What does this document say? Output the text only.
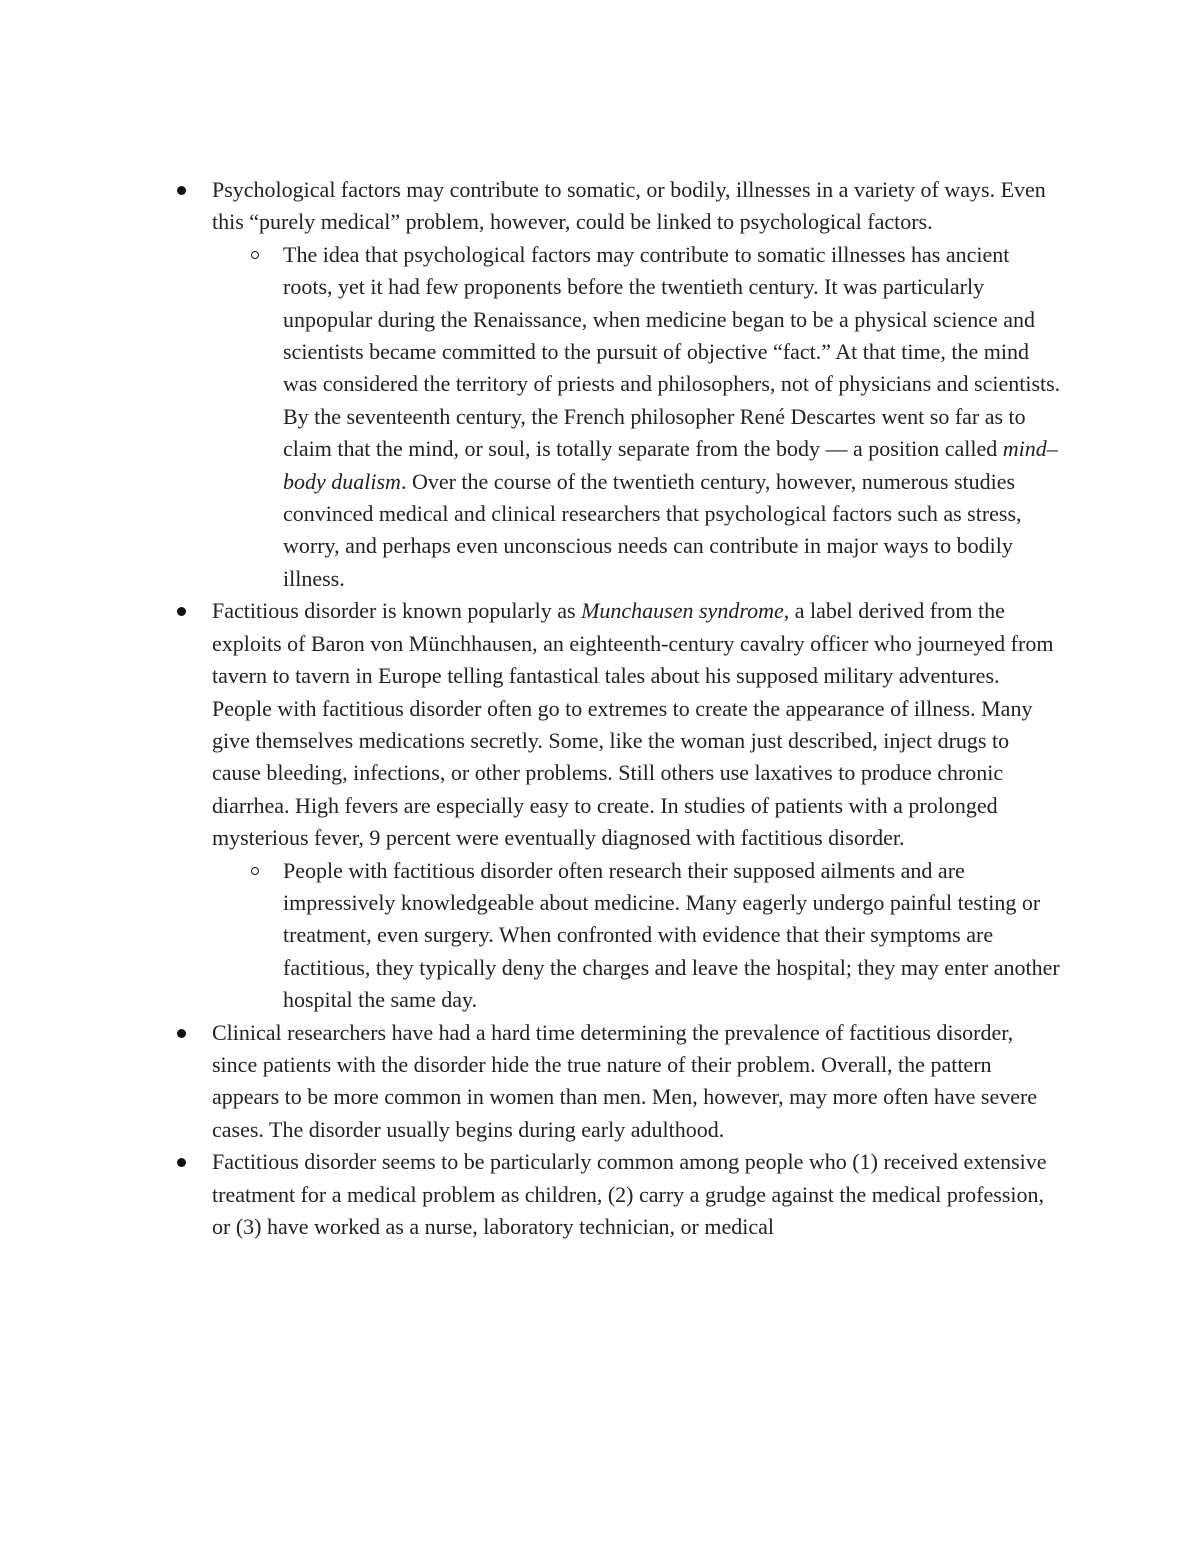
Psychological factors may contribute to somatic, or bodily, illnesses in a variety of ways. Even this “purely medical” problem, however, could be linked to psychological factors.
The idea that psychological factors may contribute to somatic illnesses has ancient roots, yet it had few proponents before the twentieth century. It was particularly unpopular during the Renaissance, when medicine began to be a physical science and scientists became committed to the pursuit of objective “fact.” At that time, the mind was considered the territory of priests and philosophers, not of physicians and scientists. By the seventeenth century, the French philosopher René Descartes went so far as to claim that the mind, or soul, is totally separate from the body — a position called mind–body dualism. Over the course of the twentieth century, however, numerous studies convinced medical and clinical researchers that psychological factors such as stress, worry, and perhaps even unconscious needs can contribute in major ways to bodily illness.
Factitious disorder is known popularly as Munchausen syndrome, a label derived from the exploits of Baron von Münchhausen, an eighteenth-century cavalry officer who journeyed from tavern to tavern in Europe telling fantastical tales about his supposed military adventures. People with factitious disorder often go to extremes to create the appearance of illness. Many give themselves medications secretly. Some, like the woman just described, inject drugs to cause bleeding, infections, or other problems. Still others use laxatives to produce chronic diarrhea. High fevers are especially easy to create. In studies of patients with a prolonged mysterious fever, 9 percent were eventually diagnosed with factitious disorder.
People with factitious disorder often research their supposed ailments and are impressively knowledgeable about medicine. Many eagerly undergo painful testing or treatment, even surgery. When confronted with evidence that their symptoms are factitious, they typically deny the charges and leave the hospital; they may enter another hospital the same day.
Clinical researchers have had a hard time determining the prevalence of factitious disorder, since patients with the disorder hide the true nature of their problem. Overall, the pattern appears to be more common in women than men. Men, however, may more often have severe cases. The disorder usually begins during early adulthood.
Factitious disorder seems to be particularly common among people who (1) received extensive treatment for a medical problem as children, (2) carry a grudge against the medical profession, or (3) have worked as a nurse, laboratory technician, or medical
